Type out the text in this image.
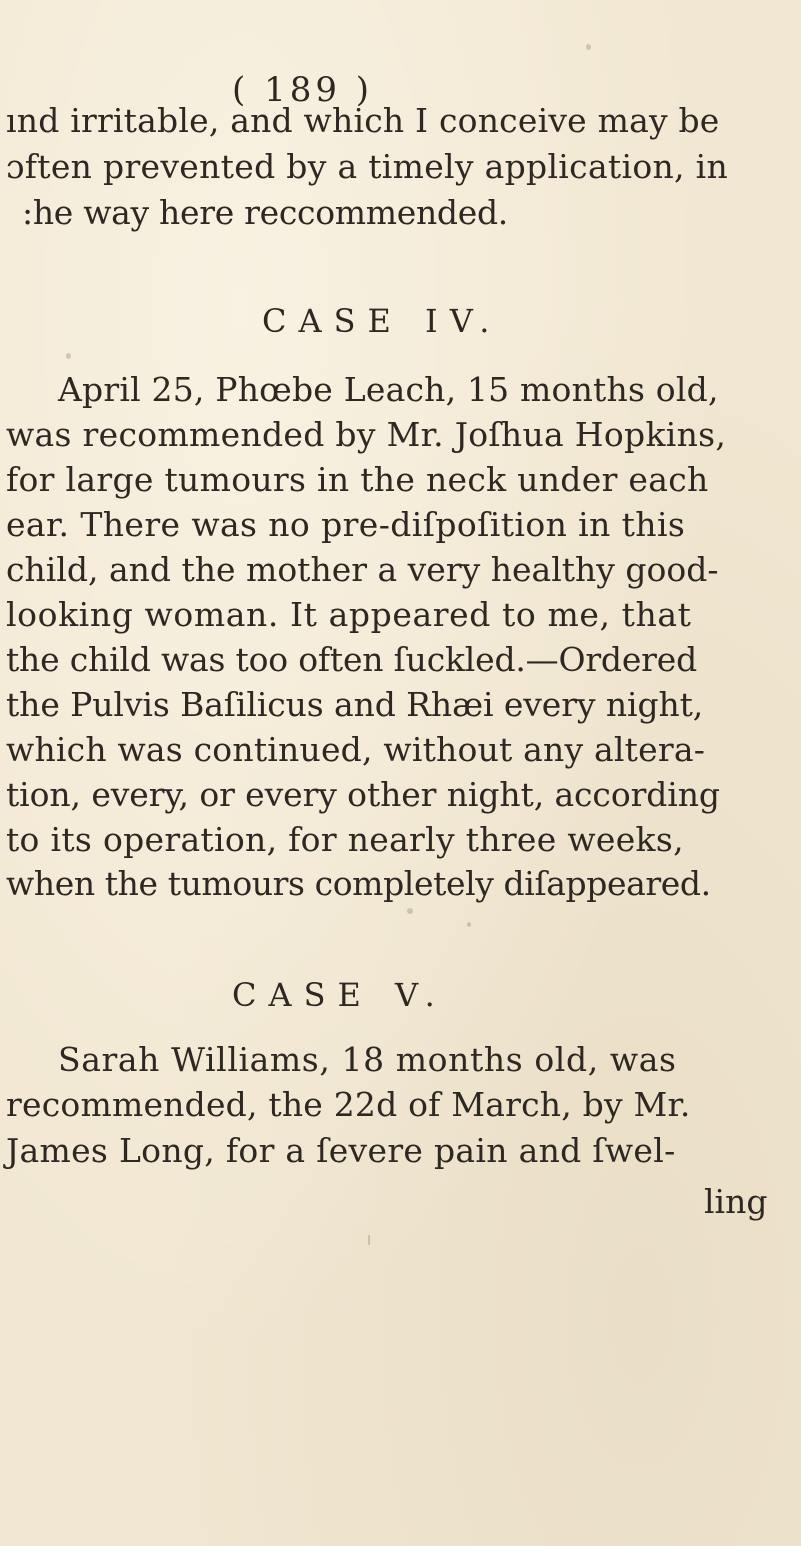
( 189 )
ınd irritable, and which I conceive may be
ɔften prevented by a timely application, in
:he way here reccommended.
CASE IV.
April 25, Phœbe Leach, 15 months old,
was recommended by Mr. Joſhua Hopkins,
for large tumours in the neck under each
ear. There was no pre-diſpoſition in this
child, and the mother a very healthy good-
looking woman. It appeared to me, that
the child was too often ſuckled.—Ordered
the Pulvis Baſilicus and Rhæi every night,
which was continued, without any altera-
tion, every, or every other night, according
to its operation, for nearly three weeks,
when the tumours completely diſappeared.
CASE V.
Sarah Williams, 18 months old, was
recommended, the 22d of March, by Mr.
James Long, for a ſevere pain and ſwel-
ling
